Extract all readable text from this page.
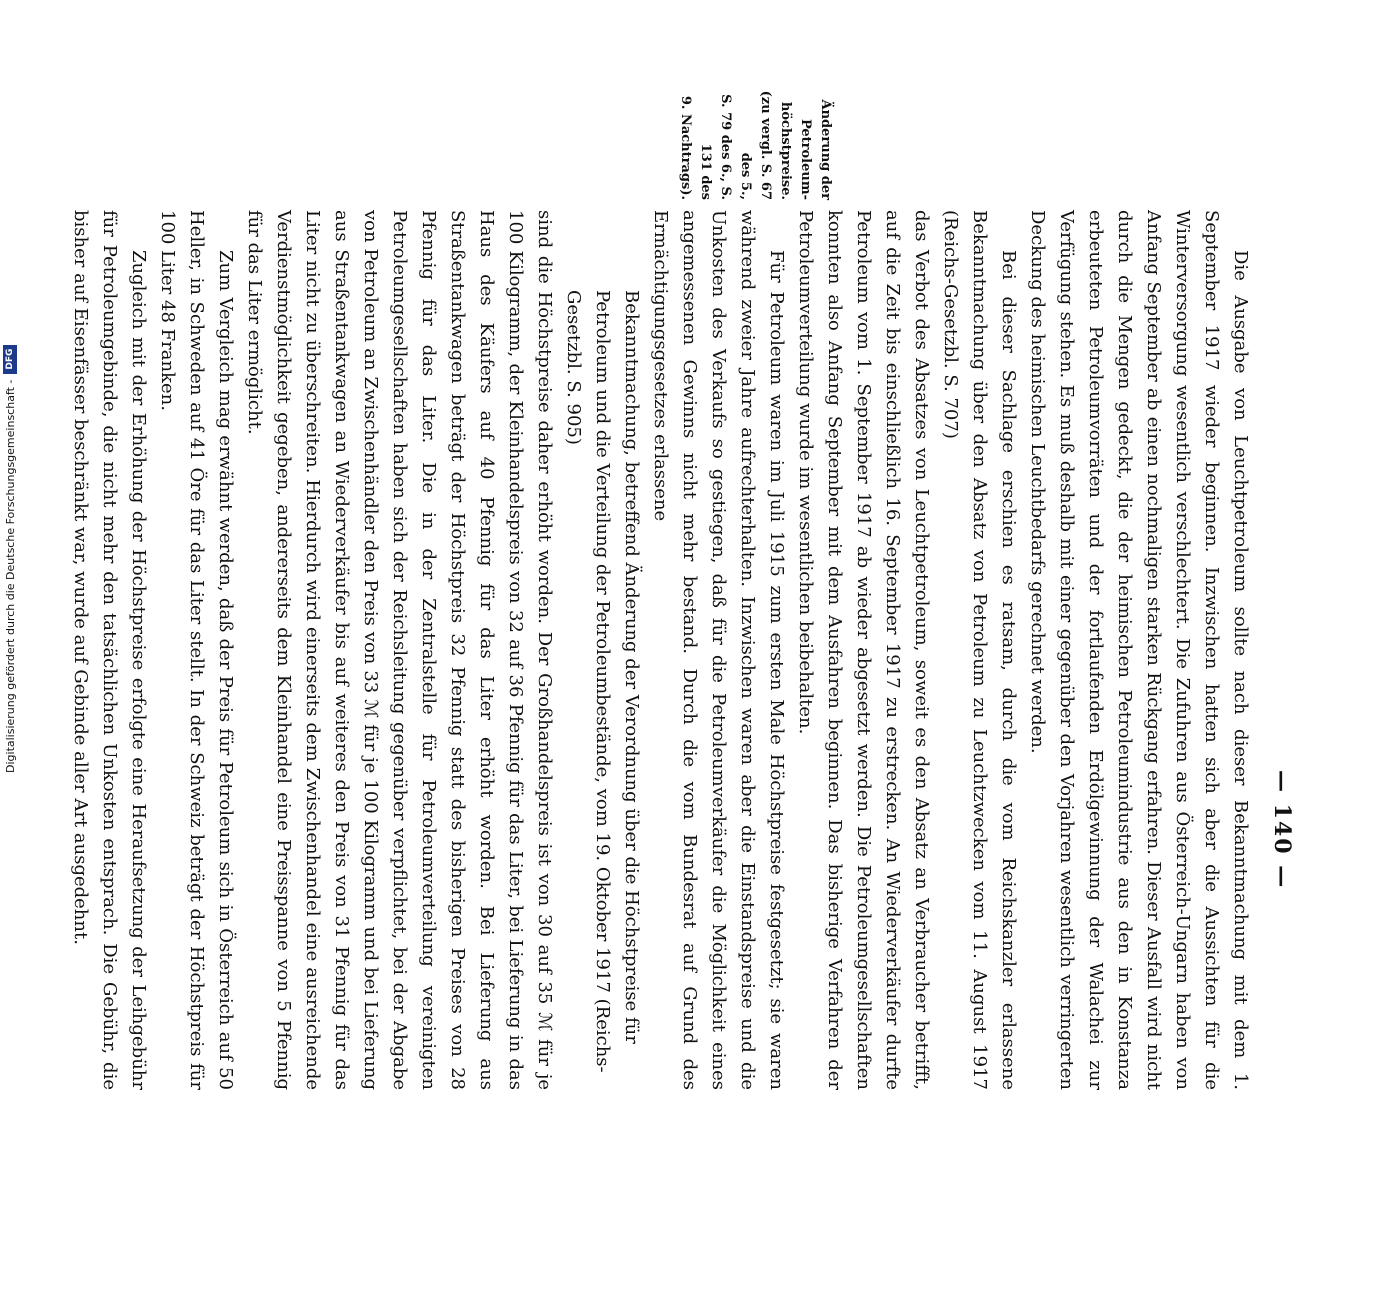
Digitalisierung gefördert durch die Deutsche Forschungsgemeinschaft -
DFG
— 140 —
Änderung der Petroleum-
höchstpreise.
(zu vergl. S. 67 des 5.,
S. 79 des 6., S. 131 des
9. Nachtrags).

Die Ausgabe von Leuchtpetroleum sollte nach dieser Bekanntmachung mit dem 1. September 1917 wieder beginnen. Inzwischen hatten sich aber die Aussichten für die Winterversorgung wesentlich verschlechtert. Die Zufuhren aus Österreich-Ungarn haben von Anfang September ab einen nochmaligen starken Rückgang erfahren. Dieser Ausfall wird nicht durch die Mengen gedeckt, die der heimischen Petroleumindustrie aus den in Konstanza erbeuteten Petroleumvorräten und der fortlaufenden Erdölgewinnung der Walachei zur Verfügung stehen. Es muß deshalb mit einer gegenüber den Vorjahren wesentlich verringerten Deckung des heimischen Leuchtbedarfs gerechnet werden.

Bei dieser Sachlage erschien es ratsam, durch die vom Reichskanzler erlassene Bekanntmachung über den Absatz von Petroleum zu Leuchtzwecken vom 11. August 1917 (Reichs-Gesetzbl. S. 707)

das Verbot des Absatzes von Leuchtpetroleum, soweit es den Absatz an Verbraucher betrifft, auf die Zeit bis einschließlich 16. September 1917 zu erstrecken. An Wiederverkäufer durfte Petroleum vom 1. September 1917 ab wieder abgesetzt werden. Die Petroleumgesellschaften konnten also Anfang September mit dem Ausfahren beginnen. Das bisherige Verfahren der Petroleumverteilung wurde im wesentlichen beibehalten.

Für Petroleum waren im Juli 1915 zum ersten Male Höchstpreise festgesetzt; sie waren während zweier Jahre aufrechterhalten. Inzwischen waren aber die Einstandspreise und die Unkosten des Verkaufs so gestiegen, daß für die Petroleumverkäufer die Möglichkeit eines angemessenen Gewinns nicht mehr bestand. Durch die vom Bundesrat auf Grund des Ermächtigungsgesetzes erlassene

Bekanntmachung, betreffend Änderung der Verordnung über die Höchstpreise für Petroleum und die Verteilung der Petroleumbestände, vom 19. Oktober 1917 (Reichs-Gesetzbl. S. 905)

sind die Höchstpreise daher erhöht worden. Der Großhandelspreis ist von 30 auf 35 ℳ für je 100 Kilogramm, der Kleinhandelspreis von 32 auf 36 Pfennig für das Liter, bei Lieferung in das Haus des Käufers auf 40 Pfennig für das Liter erhöht worden. Bei Lieferung aus Straßentankwagen beträgt der Höchstpreis 32 Pfennig statt des bisherigen Preises von 28 Pfennig für das Liter. Die in der Zentralstelle für Petroleumverteilung vereinigten Petroleumgesellschaften haben sich der Reichsleitung gegenüber verpflichtet, bei der Abgabe von Petroleum an Zwischenhändler den Preis von 33 ℳ für je 100 Kilogramm und bei Lieferung aus Straßentankwagen an Wiederverkäufer bis auf weiteres den Preis von 31 Pfennig für das Liter nicht zu überschreiten. Hierdurch wird einerseits dem Zwischenhandel eine ausreichende Verdienstmöglichkeit gegeben, andererseits dem Kleinhandel eine Preisspanne von 5 Pfennig für das Liter ermöglicht.

Zum Vergleich mag erwähnt werden, daß der Preis für Petroleum sich in Österreich auf 50 Heller, in Schweden auf 41 Öre für das Liter stellt. In der Schweiz beträgt der Höchstpreis für 100 Liter 48 Franken.

Zugleich mit der Erhöhung der Höchstpreise erfolgte eine Heraufsetzung der Leihgebühr für Petroleumgebinde, die nicht mehr den tatsächlichen Unkosten entsprach. Die Gebühr, die bisher auf Eisenfässer beschränkt war, wurde auf Gebinde aller Art ausgedehnt.
